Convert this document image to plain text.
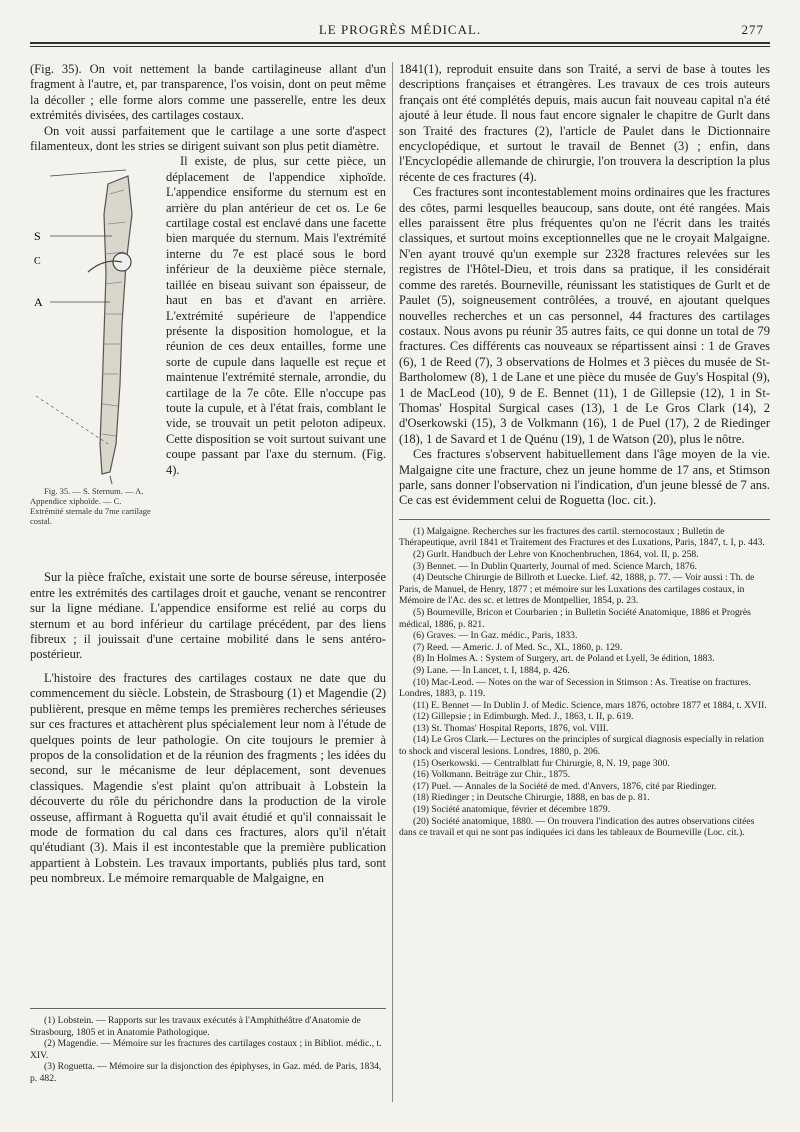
LE PROGRÈS MÉDICAL.	277

(Fig. 35). On voit nettement la bande cartilagineuse allant d'un fragment à l'autre, et, par transparence, l'os voisin, dont on peut même la décoller ; elle forme alors comme une passerelle, entre les deux extrémités divisées, des cartilages costaux.

On voit aussi parfaitement que le cartilage a une sorte d'aspect filamenteux, dont les stries se dirigent suivant son plus petit diamètre.

S
C
A
Fig. 35. — S. Sternum. — A. Appendice xiphoïde. — C. Extrémité sternale du 7me cartilage costal.
Il existe, de plus, sur cette pièce, un déplacement de l'appendice xiphoïde. L'appendice ensiforme du sternum est en arrière du plan antérieur de cet os. Le 6e cartilage costal est enclavé dans une facette bien marquée du sternum. Mais l'extrémité interne du 7e est placé sous le bord inférieur de la deuxième pièce sternale, taillée en biseau suivant son épaisseur, de haut en bas et d'avant en arrière. L'extrémité supérieure de l'appendice présente la disposition homologue, et la réunion de ces deux entailles, forme une sorte de cupule dans laquelle est reçue et maintenue l'extrémité sternale, arrondie, du cartilage de la 7e côte. Elle n'occupe pas toute la cupule, et à l'état frais, comblant le vide, se trouvait un petit peloton adipeux. Cette disposition se voit surtout suivant une coupe passant par l'axe du sternum. (Fig. 4).

Sur la pièce fraîche, existait une sorte de bourse séreuse, interposée entre les extrémités des cartilages droit et gauche, venant se rencontrer sur la ligne médiane. L'appendice ensiforme est relié au corps du sternum et au bord inférieur du cartilage précédent, par des liens fibreux ; il jouissait d'une certaine mobilité dans le sens antéro-postérieur.

L'histoire des fractures des cartilages costaux ne date que du commencement du siècle. Lobstein, de Strasbourg (1) et Magendie (2) publièrent, presque en même temps les premières recherches sérieuses sur ces fractures et attachèrent plus spécialement leur nom à l'étude de quelques points de leur pathologie. On cite toujours le premier à propos de la consolidation et de la réunion des fragments ; les idées du second, sur le mécanisme de leur déplacement, sont devenues classiques. Magendie s'est plaint qu'on attribuait à Lobstein la découverte du rôle du périchondre dans la production de la virole osseuse, affirmant à Roguetta qu'il avait étudié et qu'il connaissait le mode de formation du cal dans ces fractures, alors qu'il n'était qu'étudiant (3). Mais il est incontestable que la première publication appartient à Lobstein. Les travaux importants, publiés plus tard, sont peu nombreux. Le mémoire remarquable de Malgaigne, en

(1) Lobstein. — Rapports sur les travaux exécutés à l'Amphithéâtre d'Anatomie de Strasbourg, 1805 et in Anatomie Pathologique.
(2) Magendie. — Mémoire sur les fractures des cartilages costaux ; in Bibliot. médic., t. XIV.
(3) Roguetta. — Mémoire sur la disjonction des épiphyses, in Gaz. méd. de Paris, 1834, p. 482.

1841(1), reproduit ensuite dans son Traité, a servi de base à toutes les descriptions françaises et étrangères. Les travaux de ces trois auteurs français ont été complétés depuis, mais aucun fait nouveau capital n'a été ajouté à leur étude. Il nous faut encore signaler le chapitre de Gurlt dans son Traité des fractures (2), l'article de Paulet dans le Dictionnaire encyclopédique, et surtout le travail de Bennet (3) ; enfin, dans l'Encyclopédie allemande de chirurgie, l'on trouvera la description la plus récente de ces fractures (4).

Ces fractures sont incontestablement moins ordinaires que les fractures des côtes, parmi lesquelles beaucoup, sans doute, ont été rangées. Mais elles paraissent être plus fréquentes qu'on ne l'écrit dans les traités classiques, et surtout moins exceptionnelles que ne le croyait Malgaigne. N'en ayant trouvé qu'un exemple sur 2328 fractures relevées sur les registres de l'Hôtel-Dieu, et trois dans sa pratique, il les considérait comme des raretés. Bourneville, réunissant les statistiques de Gurlt et de Paulet (5), soigneusement contrôlées, a trouvé, en ajoutant quelques nouvelles recherches et un cas personnel, 44 fractures des cartilages costaux. Nous avons pu réunir 35 autres faits, ce qui donne un total de 79 fractures. Ces différents cas nouveaux se répartissent ainsi : 1 de Graves (6), 1 de Reed (7), 3 observations de Holmes et 3 pièces du musée de St-Bartholomew (8), 1 de Lane et une pièce du musée de Guy's Hospital (9), 1 de MacLeod (10), 9 de E. Bennet (11), 1 de Gillepsie (12), 1 in St-Thomas' Hospital Surgical cases (13), 1 de Le Gros Clark (14), 2 d'Oserkowski (15), 3 de Volkmann (16), 1 de Puel (17), 2 de Riedinger (18), 1 de Savard et 1 de Quénu (19), 1 de Watson (20), plus le nôtre.

Ces fractures s'observent habituellement dans l'âge moyen de la vie. Malgaigne cite une fracture, chez un jeune homme de 17 ans, et Stimson parle, sans donner l'observation ni l'indication, d'un jeune blessé de 7 ans. Ce cas est évidemment celui de Roguetta (loc. cit.).

(1) Malgaigne. Recherches sur les fractures des cartil. sternocostaux ; Bulletin de Thérapeutique, avril 1841 et Traitement des Fractures et des Luxations, Paris, 1847, t. I, p. 443.
(2) Gurlt. Handbuch der Lehre von Knochenbruchen, 1864, vol. II, p. 258.
(3) Bennet. — In Dublin Quarterly, Journal of med. Science March, 1876.
(4) Deutsche Chirurgie de Billroth et Luecke. Lief. 42, 1888, p. 77. — Voir aussi : Th. de Paris, de Manuel, de Henry, 1877 ; et mémoire sur les Luxations des cartilages costaux, in Mémoire de l'Ac. des sc. et lettres de Montpellier, 1854, p. 23.
(5) Bourneville, Bricon et Courbarien ; in Bulletin Société Anatomique, 1886 et Progrès médical, 1886, p. 821.
(6) Graves. — In Gaz. médic., Paris, 1833.
(7) Reed. — Americ. J. of Med. Sc., XL, 1860, p. 129.
(8) In Holmes A. : System of Surgery, art. de Poland et Lyell, 3e édition, 1883.
(9) Lane. — In Lancet, t. I, 1884, p. 426.
(10) Mac-Leod. — Notes on the war of Secession in Stimson : As. Treatise on fractures. Londres, 1883, p. 119.
(11) E. Bennet — In Dublin J. of Medic. Science, mars 1876, octobre 1877 et 1884, t. XVII.
(12) Gillepsie ; in Edimburgh. Med. J., 1863, t. II, p. 619.
(13) St. Thomas' Hospital Reports, 1876, vol. VIII.
(14) Le Gros Clark.— Lectures on the principles of surgical diagnosis especially in relation to shock and visceral lesions. Londres, 1880, p. 206.
(15) Oserkowski. — Centralblatt fur Chirurgie, 8, N. 19, page 300.
(16) Volkmann. Beiträge zur Chir., 1875.
(17) Puel. — Annales de la Société de med. d'Anvers, 1876, cité par Riedinger.
(18) Riedinger ; in Deutsche Chirurgie, 1888, en bas de p. 81.
(19) Société anatomique, février et décembre 1879.
(20) Société anatomique, 1880. — On trouvera l'indication des autres observations citées dans ce travail et qui ne sont pas indiquées ici dans les tableaux de Bourneville (Loc. cit.).
